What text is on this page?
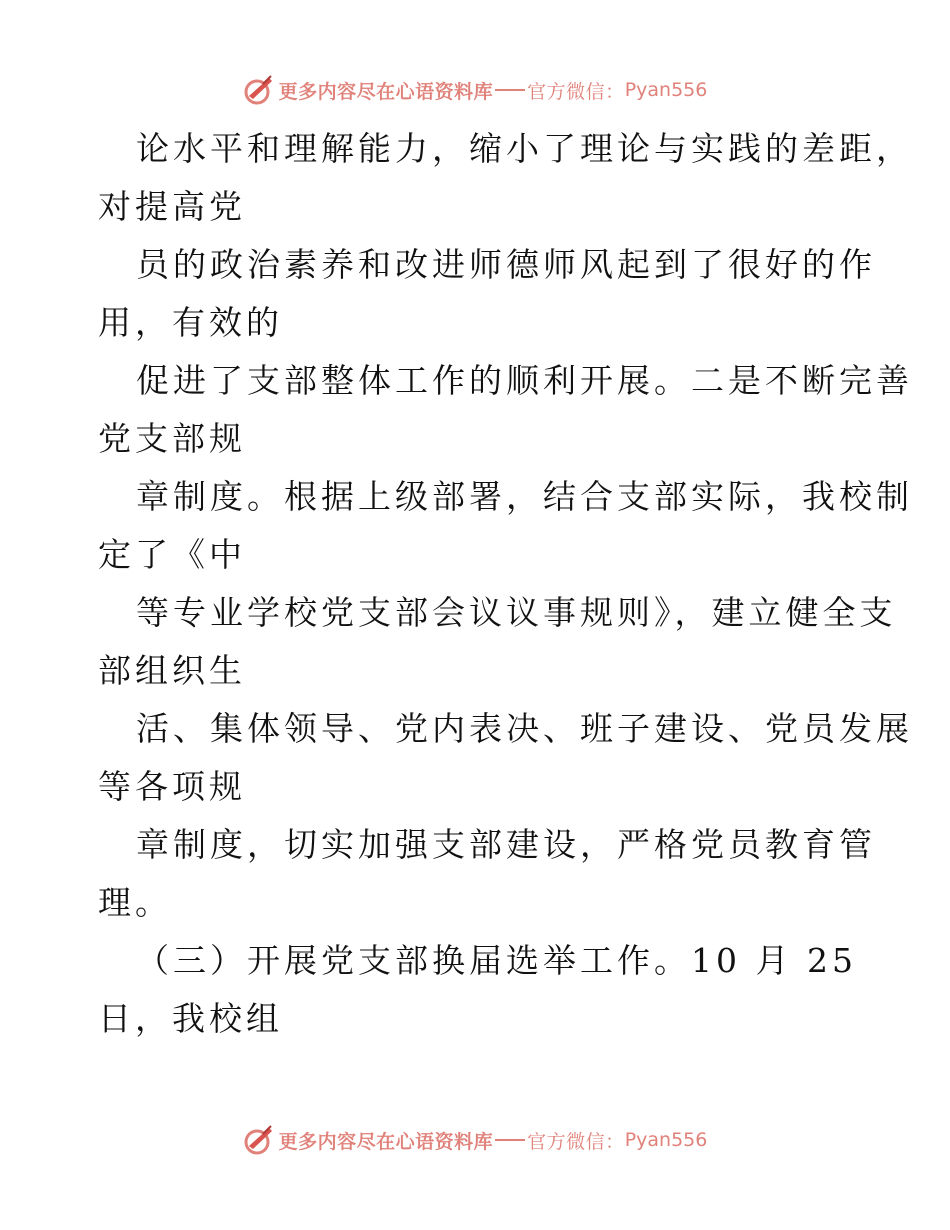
更多内容尽在心语资料库 官方微信： Pyan556
论水平和理解能力，缩小了理论与实践的差距，
对提高党
员的政治素养和改进师德师风起到了很好的作
用，有效的
促进了支部整体工作的顺利开展。二是不断完善
党支部规
章制度。根据上级部署，结合支部实际，我校制
定了《中
等专业学校党支部会议议事规则》，建立健全支
部组织生
活、集体领导、党内表决、班子建设、党员发展
等各项规
章制度，切实加强支部建设，严格党员教育管
理。
（三）开展党支部换届选举工作。10 月 25
日，我校组
更多内容尽在心语资料库 官方微信： Pyan556
